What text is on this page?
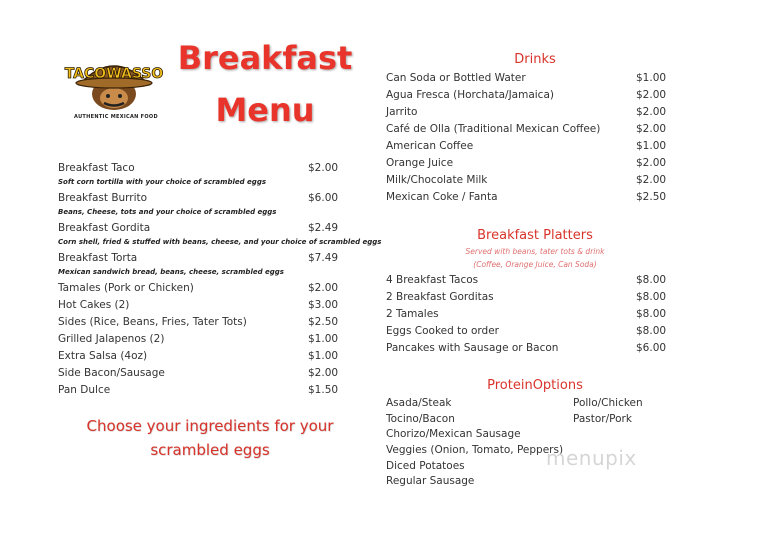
TACOWASSO
AUTHENTIC MEXICAN FOOD
Breakfast
Menu
Breakfast Taco	$2.00
Soft corn tortilla with your choice of scrambled eggs
Breakfast Burrito	$6.00
Beans, Cheese, tots and your choice of scrambled eggs
Breakfast Gordita	$2.49
Corn shell, fried & stuffed with beans, cheese, and your choice of scrambled eggs
Breakfast Torta	$7.49
Mexican sandwich bread, beans, cheese, scrambled eggs
Tamales (Pork or Chicken)	$2.00
Hot Cakes (2)	$3.00
Sides (Rice, Beans, Fries, Tater Tots)	$2.50
Grilled Jalapenos (2)	$1.00
Extra Salsa (4oz)	$1.00
Side Bacon/Sausage	$2.00
Pan Dulce	$1.50
Choose your ingredients for your
scrambled eggs
Drinks
Can Soda or Bottled Water	$1.00
Agua Fresca (Horchata/Jamaica)	$2.00
Jarrito	$2.00
Café de Olla (Traditional Mexican Coffee)	$2.00
American Coffee	$1.00
Orange Juice	$2.00
Milk/Chocolate Milk	$2.00
Mexican Coke / Fanta	$2.50
Breakfast Platters
Served with beans, tater tots & drink
(Coffee, Orange Juice, Can Soda)
4 Breakfast Tacos	$8.00
2 Breakfast Gorditas	$8.00
2 Tamales	$8.00
Eggs Cooked to order	$8.00
Pancakes with Sausage or Bacon	$6.00
ProteinOptions
Asada/Steak
Tocino/Bacon
Chorizo/Mexican Sausage
Veggies (Onion, Tomato, Peppers)
Diced Potatoes
Regular Sausage
Pollo/Chicken
Pastor/Pork
menupix
